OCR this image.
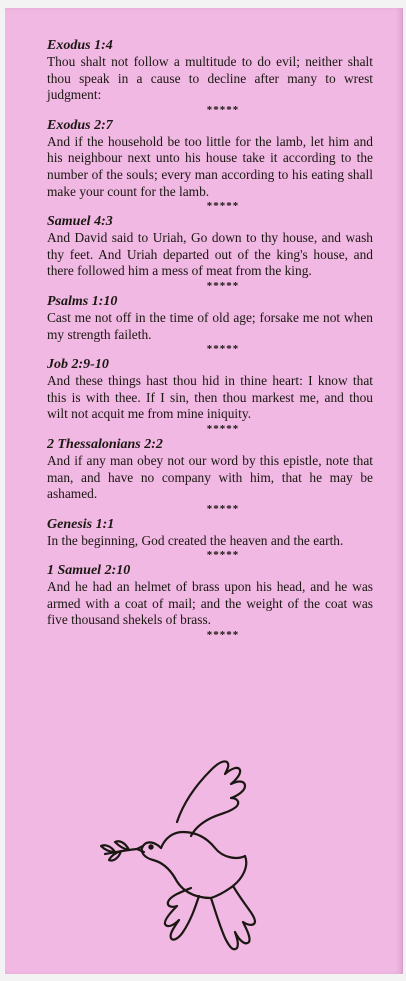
Exodus 1:4

Thou shalt not follow a multitude to do evil; neither shalt thou speak in a cause to decline after many to wrest judgment:

*****

Exodus 2:7

And if the household be too little for the lamb, let him and his neighbour next unto his house take it according to the number of the souls; every man according to his eating shall make your count for the lamb.

*****

Samuel 4:3

And David said to Uriah, Go down to thy house, and wash thy feet. And Uriah departed out of the king's house, and there followed him a mess of meat from the king.

*****

Psalms 1:10

Cast me not off in the time of old age; forsake me not when my strength faileth.

*****

Job 2:9-10

And these things hast thou hid in thine heart: I know that this is with thee. If I sin, then thou markest me, and thou wilt not acquit me from mine iniquity.

*****

2 Thessalonians 2:2

And if any man obey not our word by this epistle, note that man, and have no company with him, that he may be ashamed.

*****

Genesis 1:1

In the beginning, God created the heaven and the earth.

*****

1 Samuel 2:10

And he had an helmet of brass upon his head, and he was armed with a coat of mail; and the weight of the coat was five thousand shekels of brass.

*****
